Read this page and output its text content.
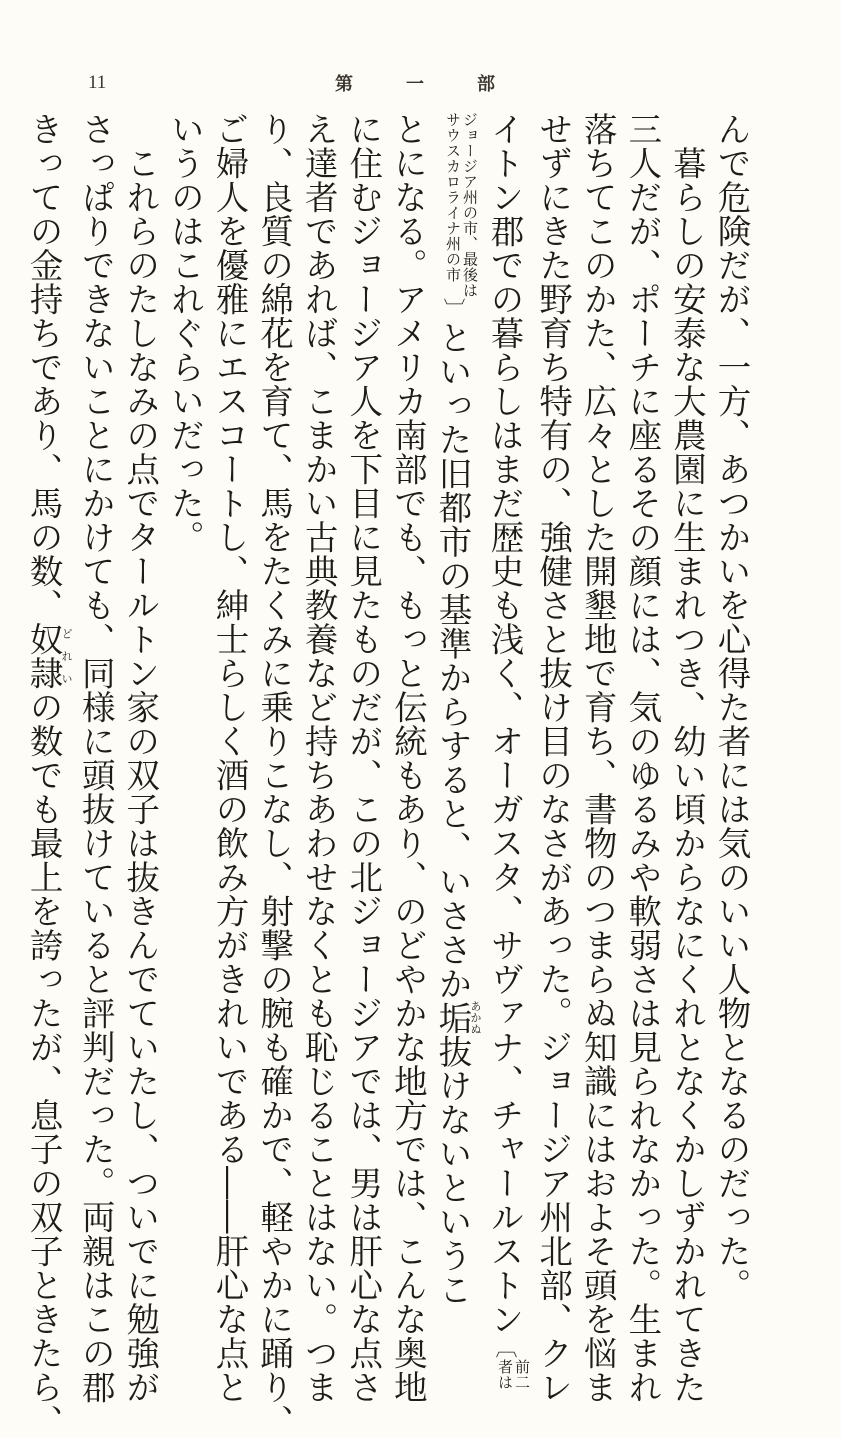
11	第	一	部
んで危険だが、一方、あつかいを心得た者には気のいい人物となるのだった。
暮らしの安泰な大農園に生まれつき、幼い頃からなにくれとなくかしずかれてきた
三人だが、ポーチに座るその顔には、気のゆるみや軟弱さは見られなかった。生まれ
落ちてこのかた、広々とした開墾地で育ち、書物のつまらぬ知識にはおよそ頭を悩ま
せずにきた野育ち特有の、強健さと抜け目のなさがあった。ジョージア州北部、クレ
イトン郡での暮らしはまだ歴史も浅く、オーガスタ、サヴァナ、チャールストン〔
前二
者は
ジョージア州の市、最後は
サウスカロライナ州の市
〕といった旧都市の基準からすると、いささか垢あかぬ抜けないというこ
とになる。アメリカ南部でも、もっと伝統もあり、のどやかな地方では、こんな奥地
に住むジョージア人を下目に見たものだが、この北ジョージアでは、男は肝心な点さ
え達者であれば、こまかい古典教養など持ちあわせなくとも恥じることはない。つま
り、良質の綿花を育て、馬をたくみに乗りこなし、射撃の腕も確かで、軽やかに踊り、
ご婦人を優雅にエスコートし、紳士らしく酒の飲み方がきれいである――肝心な点と
いうのはこれぐらいだった。
これらのたしなみの点でタールトン家の双子は抜きんでていたし、ついでに勉強が
さっぱりできないことにかけても、同様に頭抜けていると評判だった。両親はこの郡
きっての金持ちであり、馬の数、奴隷どれいの数でも最上を誇ったが、息子の双子ときたら、
